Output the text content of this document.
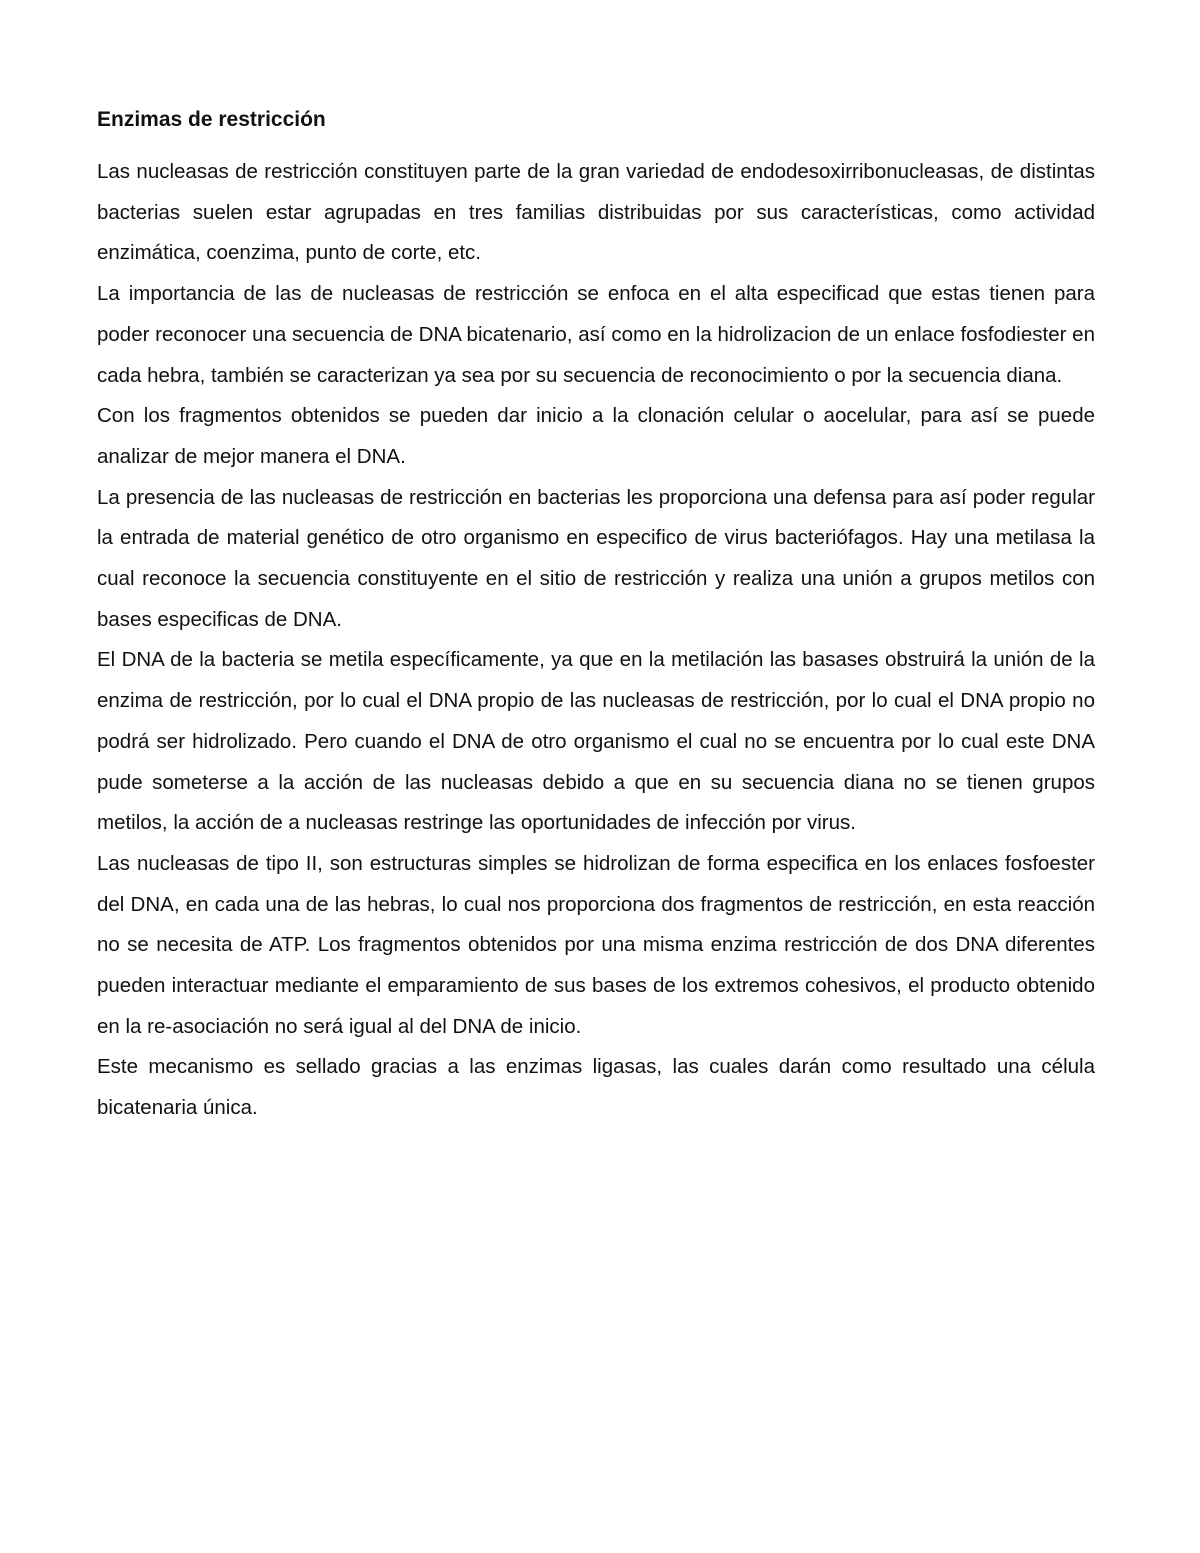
Enzimas de restricción

Las nucleasas de restricción constituyen parte de la gran variedad de endodesoxirribonucleasas, de distintas bacterias suelen estar agrupadas en tres familias distribuidas por sus características, como actividad enzimática, coenzima, punto de corte, etc.

La importancia de las de nucleasas de restricción se enfoca en el alta especificad que estas tienen para poder reconocer una secuencia de DNA bicatenario, así como en la hidrolizacion de un enlace fosfodiester en cada hebra, también se caracterizan ya sea por su secuencia de reconocimiento o por la secuencia diana.

Con los fragmentos obtenidos se pueden dar inicio a la clonación celular o aocelular, para así se puede analizar de mejor manera el DNA.

La presencia de las nucleasas de restricción en bacterias les proporciona una defensa para así poder regular la entrada de material genético de otro organismo en especifico de virus bacteriófagos. Hay una metilasa la cual reconoce la secuencia constituyente en el sitio de restricción y realiza una unión a grupos metilos con bases especificas de DNA.

El DNA de la bacteria se metila específicamente, ya que en la metilación las basases obstruirá la unión de la enzima de restricción, por lo cual el DNA propio de las nucleasas de restricción, por lo cual el DNA propio no podrá ser hidrolizado. Pero cuando el DNA de otro organismo el cual no se encuentra por lo cual este DNA pude someterse a la acción de las nucleasas debido a que en su secuencia diana no se tienen grupos metilos, la acción de a nucleasas restringe las oportunidades de infección por virus.

Las nucleasas de tipo II, son estructuras simples se hidrolizan de forma especifica en los enlaces fosfoester del DNA, en cada una de las hebras, lo cual nos proporciona dos fragmentos de restricción, en esta reacción no se necesita de ATP. Los fragmentos obtenidos por una misma enzima restricción de dos DNA diferentes pueden interactuar mediante el emparamiento de sus bases de los extremos cohesivos, el producto obtenido en la re-asociación no será igual al del DNA de inicio.

Este mecanismo es sellado gracias a las enzimas ligasas, las cuales darán como resultado una célula bicatenaria única.
